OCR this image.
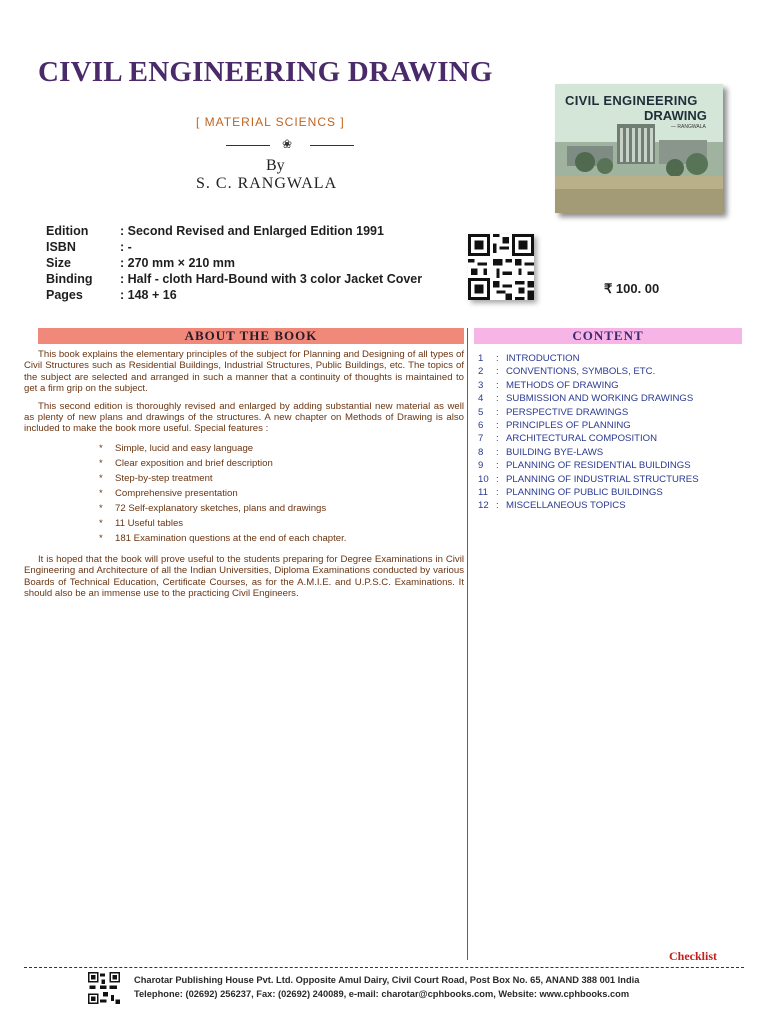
CIVIL ENGINEERING DRAWING
[ MATERIAL SCIENCS ]
❀
By
S. C. RANGWALA
CIVIL ENGINEERING
DRAWING
— RANGWALA
Edition	: Second Revised and Enlarged Edition 1991
ISBN	: -
Size	: 270 mm × 210 mm
Binding : Half - cloth Hard-Bound with 3 color Jacket Cover
Pages	: 148 + 16	₹ 100. 00
ABOUT THE BOOK	CONTENT

This book explains the elementary principles of the subject for Planning and Designing of all types of Civil Structures such as Residential Buildings, Industrial Structures, Public Buildings, etc. The topics of the subject are selected and arranged in such a manner that a continuity of thoughts is maintained to get a firm grip on the subject.

This second edition is thoroughly revised and enlarged by adding substantial new material as well as plenty of new plans and drawings of the structures. A new chapter on Methods of Drawing is also included to make the book more useful. Special features :

* Simple, lucid and easy language
* Clear exposition and brief description
* Step-by-step treatment
* Comprehensive presentation
* 72 Self-explanatory sketches, plans and drawings
* 11 Useful tables
* 181 Examination questions at the end of each chapter.

It is hoped that the book will prove useful to the students preparing for Degree Examinations in Civil Engineering and Architecture of all the Indian Universities, Diploma Examinations conducted by various Boards of Technical Education, Certificate Courses, as for the A.M.I.E. and U.P.S.C. Examinations. It should also be an immense use to the practicing Civil Engineers.

1 : INTRODUCTION
2 : CONVENTIONS, SYMBOLS, ETC.
3 : METHODS OF DRAWING
4 : SUBMISSION AND WORKING DRAWINGS
5 : PERSPECTIVE DRAWINGS
6 : PRINCIPLES OF PLANNING
7 : ARCHITECTURAL COMPOSITION
8 : BUILDING BYE-LAWS
9 : PLANNING OF RESIDENTIAL BUILDINGS
10 : PLANNING OF INDUSTRIAL STRUCTURES
11 : PLANNING OF PUBLIC BUILDINGS
12 : MISCELLANEOUS TOPICS
Checklist
Charotar Publishing House Pvt. Ltd. Opposite Amul Dairy, Civil Court Road, Post Box No. 65, ANAND 388 001 India
Telephone: (02692) 256237, Fax: (02692) 240089, e-mail: charotar@cphbooks.com, Website: www.cphbooks.com
